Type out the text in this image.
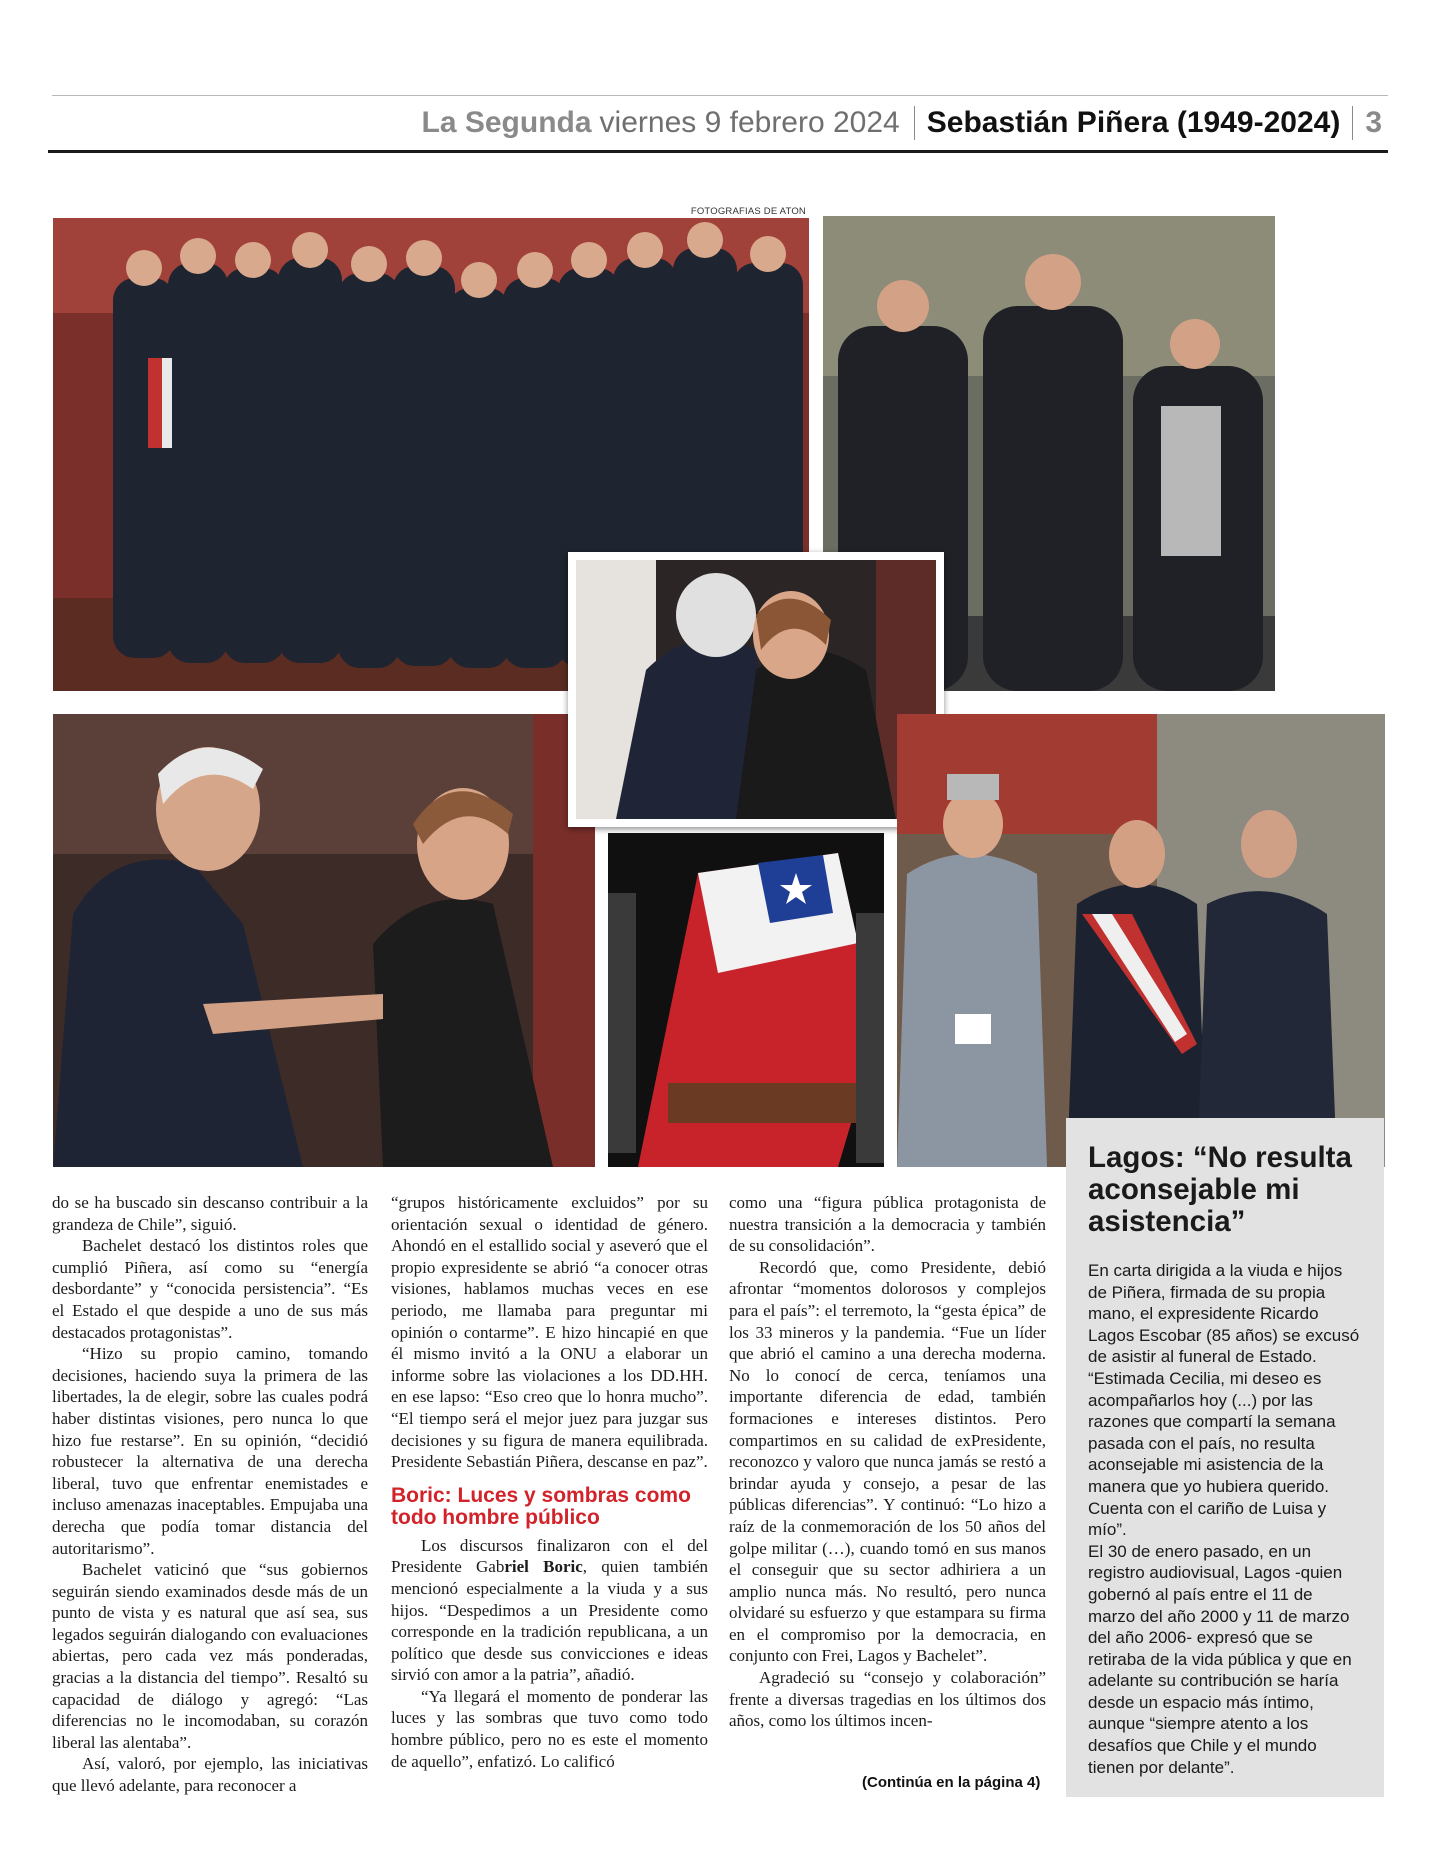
La Segunda viernes 9 febrero 2024 Sebastián Piñera (1949-2024) 3
FOTOGRAFIAS DE ATON

do se ha buscado sin descanso contribuir a la grandeza de Chile”, siguió.

Bachelet destacó los distintos roles que cumplió Piñera, así como su “energía desbordante” y “conocida persistencia”. “Es el Estado el que despide a uno de sus más destacados protagonistas”.

“Hizo su propio camino, tomando decisiones, haciendo suya la primera de las libertades, la de elegir, sobre las cuales podrá haber distintas visiones, pero nunca lo que hizo fue restarse”. En su opinión, “decidió robustecer la alternativa de una derecha liberal, tuvo que enfrentar enemistades e incluso amenazas inaceptables. Empujaba una derecha que podía tomar distancia del autoritarismo”.

Bachelet vaticinó que “sus gobiernos seguirán siendo examinados desde más de un punto de vista y es natural que así sea, sus legados seguirán dialogando con evaluaciones abiertas, pero cada vez más ponderadas, gracias a la distancia del tiempo”. Resaltó su capacidad de diálogo y agregó: “Las diferencias no le incomodaban, su corazón liberal las alentaba”.

Así, valoró, por ejemplo, las iniciativas que llevó adelante, para reconocer a

“grupos históricamente excluidos” por su orientación sexual o identidad de género. Ahondó en el estallido social y aseveró que el propio expresidente se abrió “a conocer otras visiones, hablamos muchas veces en ese periodo, me llamaba para preguntar mi opinión o contarme”. E hizo hincapié en que él mismo invitó a la ONU a elaborar un informe sobre las violaciones a los DD.HH. en ese lapso: “Eso creo que lo honra mucho”. “El tiempo será el mejor juez para juzgar sus decisiones y su figura de manera equilibrada. Presidente Sebastián Piñera, descanse en paz”.

Boric: Luces y sombras como todo hombre público

Los discursos finalizaron con el del Presidente Gabriel Boric, quien también mencionó especialmente a la viuda y a sus hijos. “Despedimos a un Presidente como corresponde en la tradición republicana, a un político que desde sus convicciones e ideas sirvió con amor a la patria”, añadió.

“Ya llegará el momento de ponderar las luces y las sombras que tuvo como todo hombre público, pero no es este el momento de aquello”, enfatizó. Lo calificó

como una “figura pública protagonista de nuestra transición a la democracia y también de su consolidación”.

Recordó que, como Presidente, debió afrontar “momentos dolorosos y complejos para el país”: el terremoto, la “gesta épica” de los 33 mineros y la pandemia. “Fue un líder que abrió el camino a una derecha moderna. No lo conocí de cerca, teníamos una importante diferencia de edad, también formaciones e intereses distintos. Pero compartimos en su calidad de exPresidente, reconozco y valoro que nunca jamás se restó a brindar ayuda y consejo, a pesar de las públicas diferencias”. Y continuó: “Lo hizo a raíz de la conmemoración de los 50 años del golpe militar (…), cuando tomó en sus manos el conseguir que su sector adhiriera a un amplio nunca más. No resultó, pero nunca olvidaré su esfuerzo y que estampara su firma en el compromiso por la democracia, en conjunto con Frei, Lagos y Bachelet”.

Agradeció su “consejo y colaboración” frente a diversas tragedias en los últimos dos años, como los últimos incen-

(Continúa en la página 4)
Lagos: “No resulta aconsejable mi asistencia”

En carta dirigida a la viuda e hijos de Piñera, firmada de su propia mano, el expresidente Ricardo Lagos Escobar (85 años) se excusó de asistir al funeral de Estado. “Estimada Cecilia, mi deseo es acompañarlos hoy (...) por las razones que compartí la semana pasada con el país, no resulta aconsejable mi asistencia de la manera que yo hubiera querido. Cuenta con el cariño de Luisa y mío”.

El 30 de enero pasado, en un registro audiovisual, Lagos -quien gobernó al país entre el 11 de marzo del año 2000 y 11 de marzo del año 2006- expresó que se retiraba de la vida pública y que en adelante su contribución se haría desde un espacio más íntimo, aunque “siempre atento a los desafíos que Chile y el mundo tienen por delante”.
